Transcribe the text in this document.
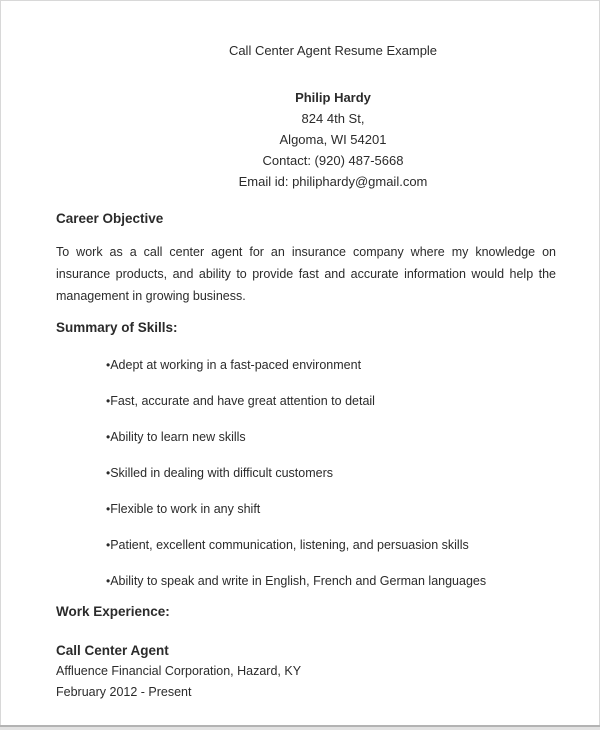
Call Center Agent Resume Example

Philip Hardy
824 4th St,
Algoma, WI 54201
Contact: (920) 487-5668
Email id: philiphardy@gmail.com

Career Objective

To work as a call center agent for an insurance company where my knowledge on insurance products, and ability to provide fast and accurate information would help the management in growing business.

Summary of Skills:

• Adept at working in a fast-paced environment
• Fast, accurate and have great attention to detail
• Ability to learn new skills
• Skilled in dealing with difficult customers
• Flexible to work in any shift
• Patient, excellent communication, listening, and persuasion skills
• Ability to speak and write in English, French and German languages

Work Experience:

Call Center Agent
Affluence Financial Corporation, Hazard, KY
February 2012 - Present
